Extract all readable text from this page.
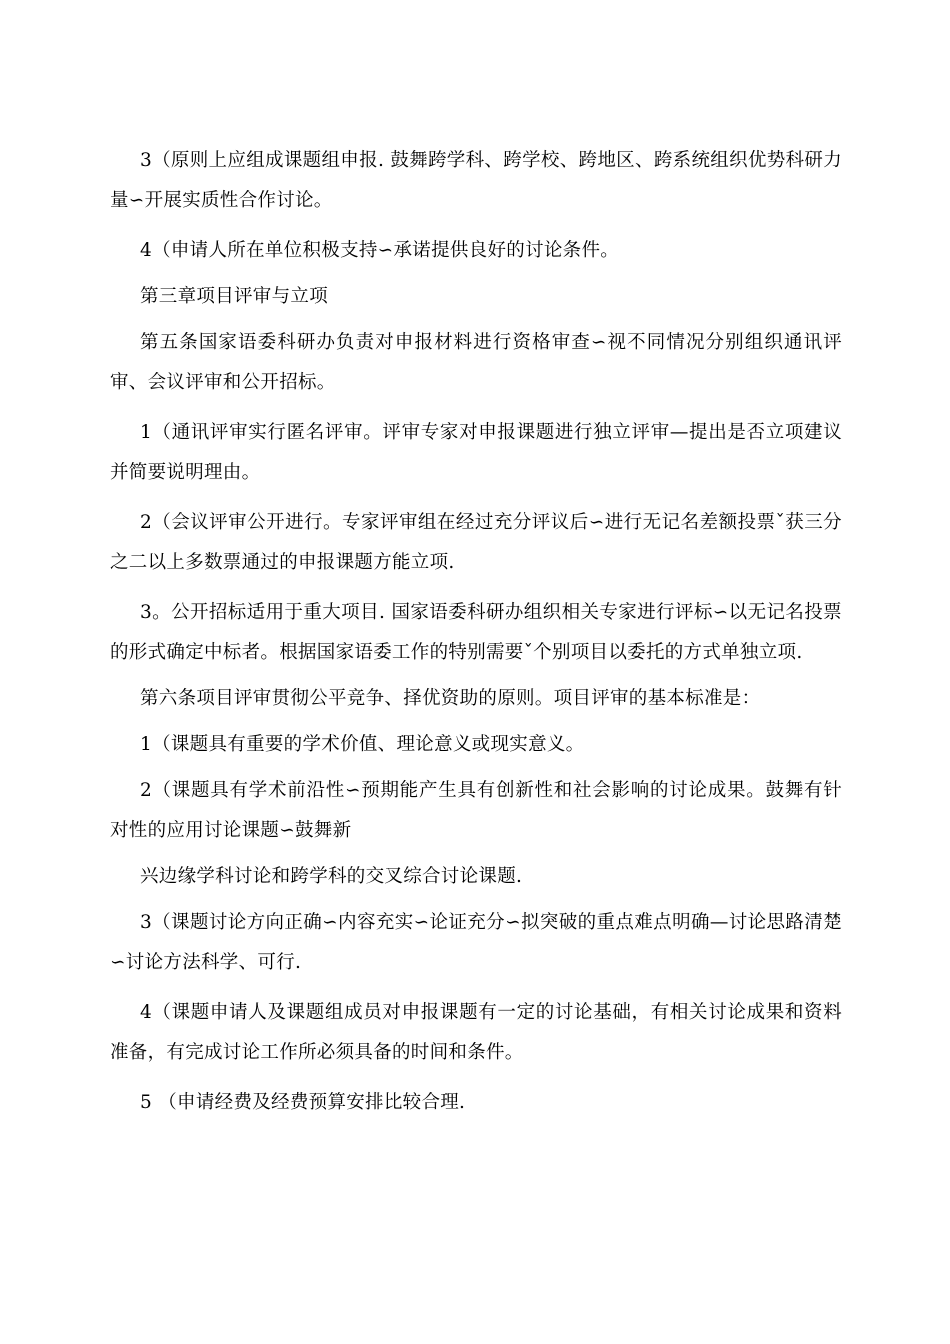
3（原则上应组成课题组申报. 鼓舞跨学科、跨学校、跨地区、跨系统组织优势科研力量∽开展实质性合作讨论。

4（申请人所在单位积极支持∽承诺提供良好的讨论条件。

第三章项目评审与立项

第五条国家语委科研办负责对申报材料进行资格审查∽视不同情况分别组织通讯评审、会议评审和公开招标。

1（通讯评审实行匿名评审。评审专家对申报课题进行独立评审—提出是否立项建议并简要说明理由。

2（会议评审公开进行。专家评审组在经过充分评议后∽进行无记名差额投票ˇ获三分之二以上多数票通过的申报课题方能立项.

3。公开招标适用于重大项目. 国家语委科研办组织相关专家进行评标∽以无记名投票的形式确定中标者。根据国家语委工作的特别需要ˇ个别项目以委托的方式单独立项.

第六条项目评审贯彻公平竞争、择优资助的原则。项目评审的基本标准是：

1（课题具有重要的学术价值、理论意义或现实意义。

2（课题具有学术前沿性∽预期能产生具有创新性和社会影响的讨论成果。鼓舞有针对性的应用讨论课题∽鼓舞新

兴边缘学科讨论和跨学科的交叉综合讨论课题.

3（课题讨论方向正确∽内容充实∽论证充分∽拟突破的重点难点明确—讨论思路清楚∽讨论方法科学、可行.

4（课题申请人及课题组成员对申报课题有一定的讨论基础，有相关讨论成果和资料准备，有完成讨论工作所必须具备的时间和条件。

5 （申请经费及经费预算安排比较合理.
